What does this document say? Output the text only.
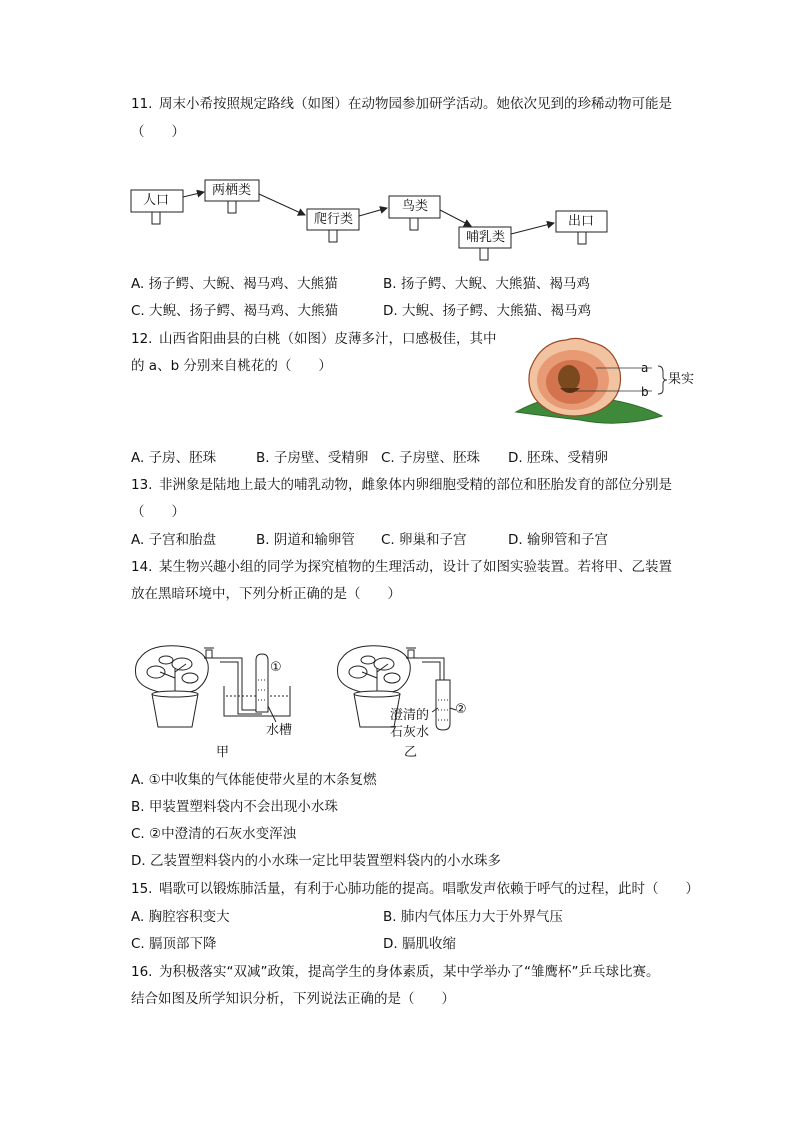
11. 周末小希按照规定路线（如图）在动物园参加研学活动。她依次见到的珍稀动物可能是
（　　）
人口
两栖类
爬行类
鸟类
哺乳类
出口
A. 扬子鳄、大鲵、褐马鸡、大熊猫	B. 扬子鳄、大鲵、大熊猫、褐马鸡
C. 大鲵、扬子鳄、褐马鸡、大熊猫	D. 大鲵、扬子鳄、大熊猫、褐马鸡
12. 山西省阳曲县的白桃（如图）皮薄多汁，口感极佳，其中
的 a、b 分别来自桃花的（　　）	a
b
果实
A. 子房、胚珠	B. 子房壁、受精卵 C. 子房壁、胚珠 D. 胚珠、受精卵
13. 非洲象是陆地上最大的哺乳动物，雌象体内卵细胞受精的部位和胚胎发育的部位分别是
（　　）
A. 子宫和胎盘	B. 阴道和输卵管 C. 卵巢和子宫	D. 输卵管和子宫
14. 某生物兴趣小组的同学为探究植物的生理活动，设计了如图实验装置。若将甲、乙装置
放在黑暗环境中，下列分析正确的是（　　）
①
水槽
甲
②
澄清的
石灰水
乙
A. ①中收集的气体能使带火星的木条复燃
B. 甲装置塑料袋内不会出现小水珠
C. ②中澄清的石灰水变浑浊
D. 乙装置塑料袋内的小水珠一定比甲装置塑料袋内的小水珠多
15. 唱歌可以锻炼肺活量，有利于心肺功能的提高。唱歌发声依赖于呼气的过程，此时（　　）
A. 胸腔容积变大	B. 肺内气体压力大于外界气压
C. 膈顶部下降	D. 膈肌收缩
16. 为积极落实“双减”政策，提高学生的身体素质，某中学举办了“雏鹰杯”乒乓球比赛。
结合如图及所学知识分析，下列说法正确的是（　　）
